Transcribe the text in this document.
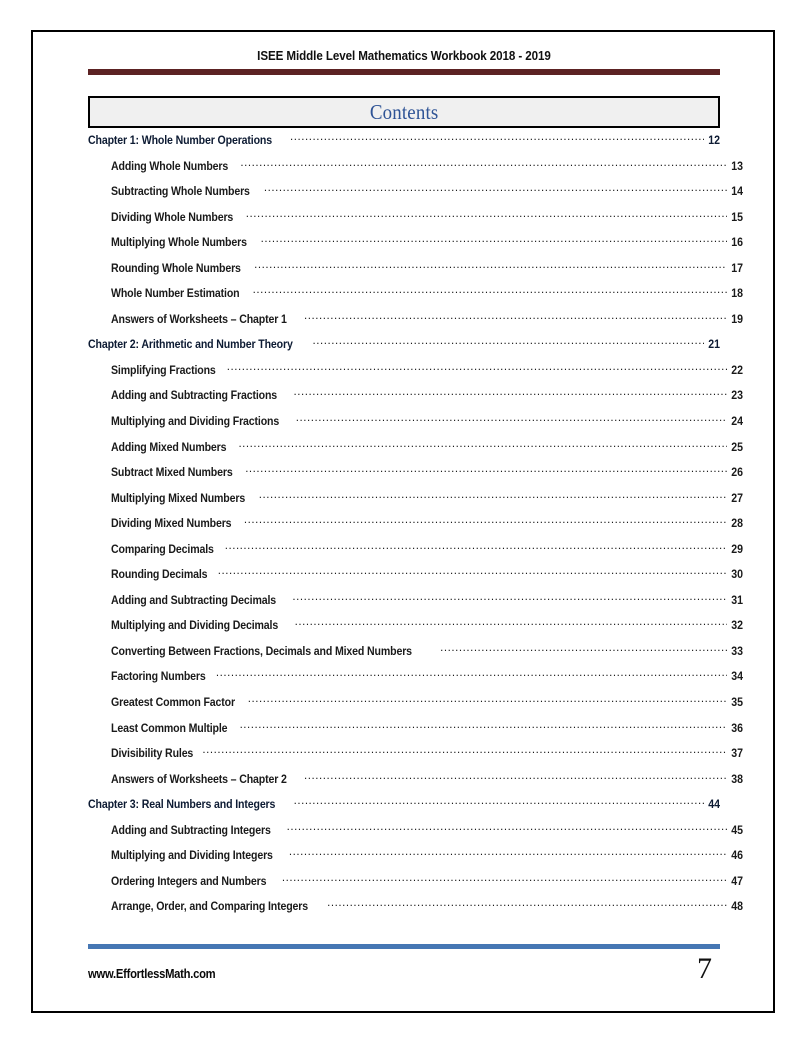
ISEE Middle Level Mathematics Workbook 2018 - 2019
Contents
Chapter 1: Whole Number Operations .....	12
Adding Whole Numbers .....	13
Subtracting Whole Numbers .....	14
Dividing Whole Numbers .....	15
Multiplying Whole Numbers .....	16
Rounding Whole Numbers .....	17
Whole Number Estimation .....	18
Answers of Worksheets – Chapter 1 .....	19
Chapter 2: Arithmetic and Number Theory .....	21
Simplifying Fractions .....	22
Adding and Subtracting Fractions .....	23
Multiplying and Dividing Fractions .....	24
Adding Mixed Numbers .....	25
Subtract Mixed Numbers .....	26
Multiplying Mixed Numbers .....	27
Dividing Mixed Numbers .....	28
Comparing Decimals .....	29
Rounding Decimals .....	30
Adding and Subtracting Decimals .....	31
Multiplying and Dividing Decimals .....	32
Converting Between Fractions, Decimals and Mixed Numbers .....	33
Factoring Numbers .....	34
Greatest Common Factor .....	35
Least Common Multiple .....	36
Divisibility Rules .....	37
Answers of Worksheets – Chapter 2 .....	38
Chapter 3: Real Numbers and Integers .....	44
Adding and Subtracting Integers .....	45
Multiplying and Dividing Integers .....	46
Ordering Integers and Numbers .....	47
Arrange, Order, and Comparing Integers .....	48
www.EffortlessMath.com	7
